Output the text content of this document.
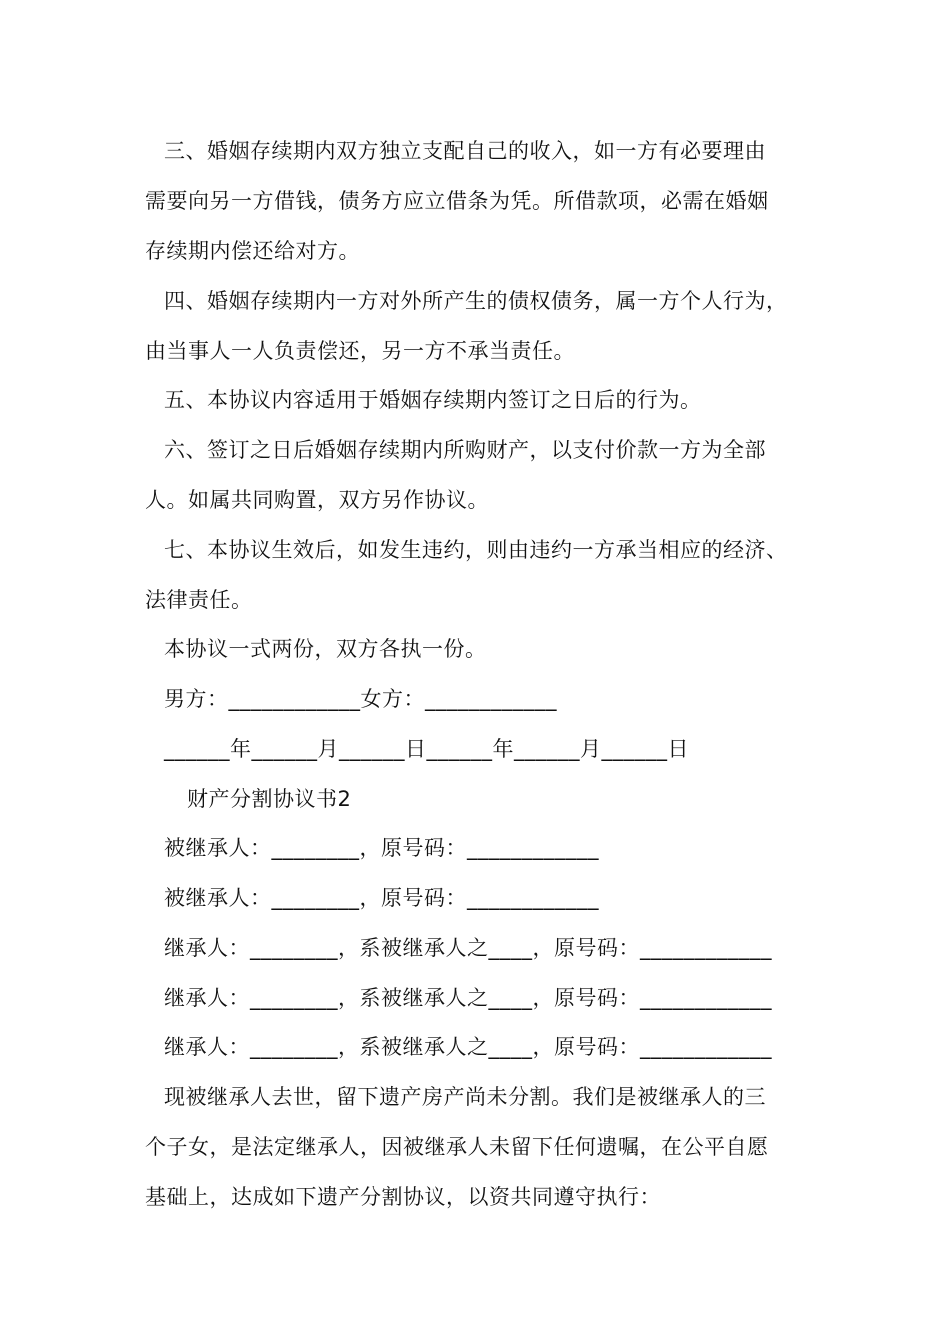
三、婚姻存续期内双方独立支配自己的收入，如一方有必要理由
需要向另一方借钱，债务方应立借条为凭。所借款项，必需在婚姻
存续期内偿还给对方。
四、婚姻存续期内一方对外所产生的债权债务，属一方个人行为，
由当事人一人负责偿还，另一方不承当责任。
五、本协议内容适用于婚姻存续期内签订之日后的行为。
六、签订之日后婚姻存续期内所购财产，以支付价款一方为全部
人。如属共同购置，双方另作协议。
七、本协议生效后，如发生违约，则由违约一方承当相应的经济、
法律责任。
本协议一式两份，双方各执一份。
男方：____________女方：____________
______年______月______日______年______月______日
财产分割协议书2
被继承人：________，原号码：____________
被继承人：________，原号码：____________
继承人：________，系被继承人之____，原号码：____________
继承人：________，系被继承人之____，原号码：____________
继承人：________，系被继承人之____，原号码：____________
现被继承人去世，留下遗产房产尚未分割。我们是被继承人的三
个子女，是法定继承人，因被继承人未留下任何遗嘱，在公平自愿
基础上，达成如下遗产分割协议，以资共同遵守执行：
